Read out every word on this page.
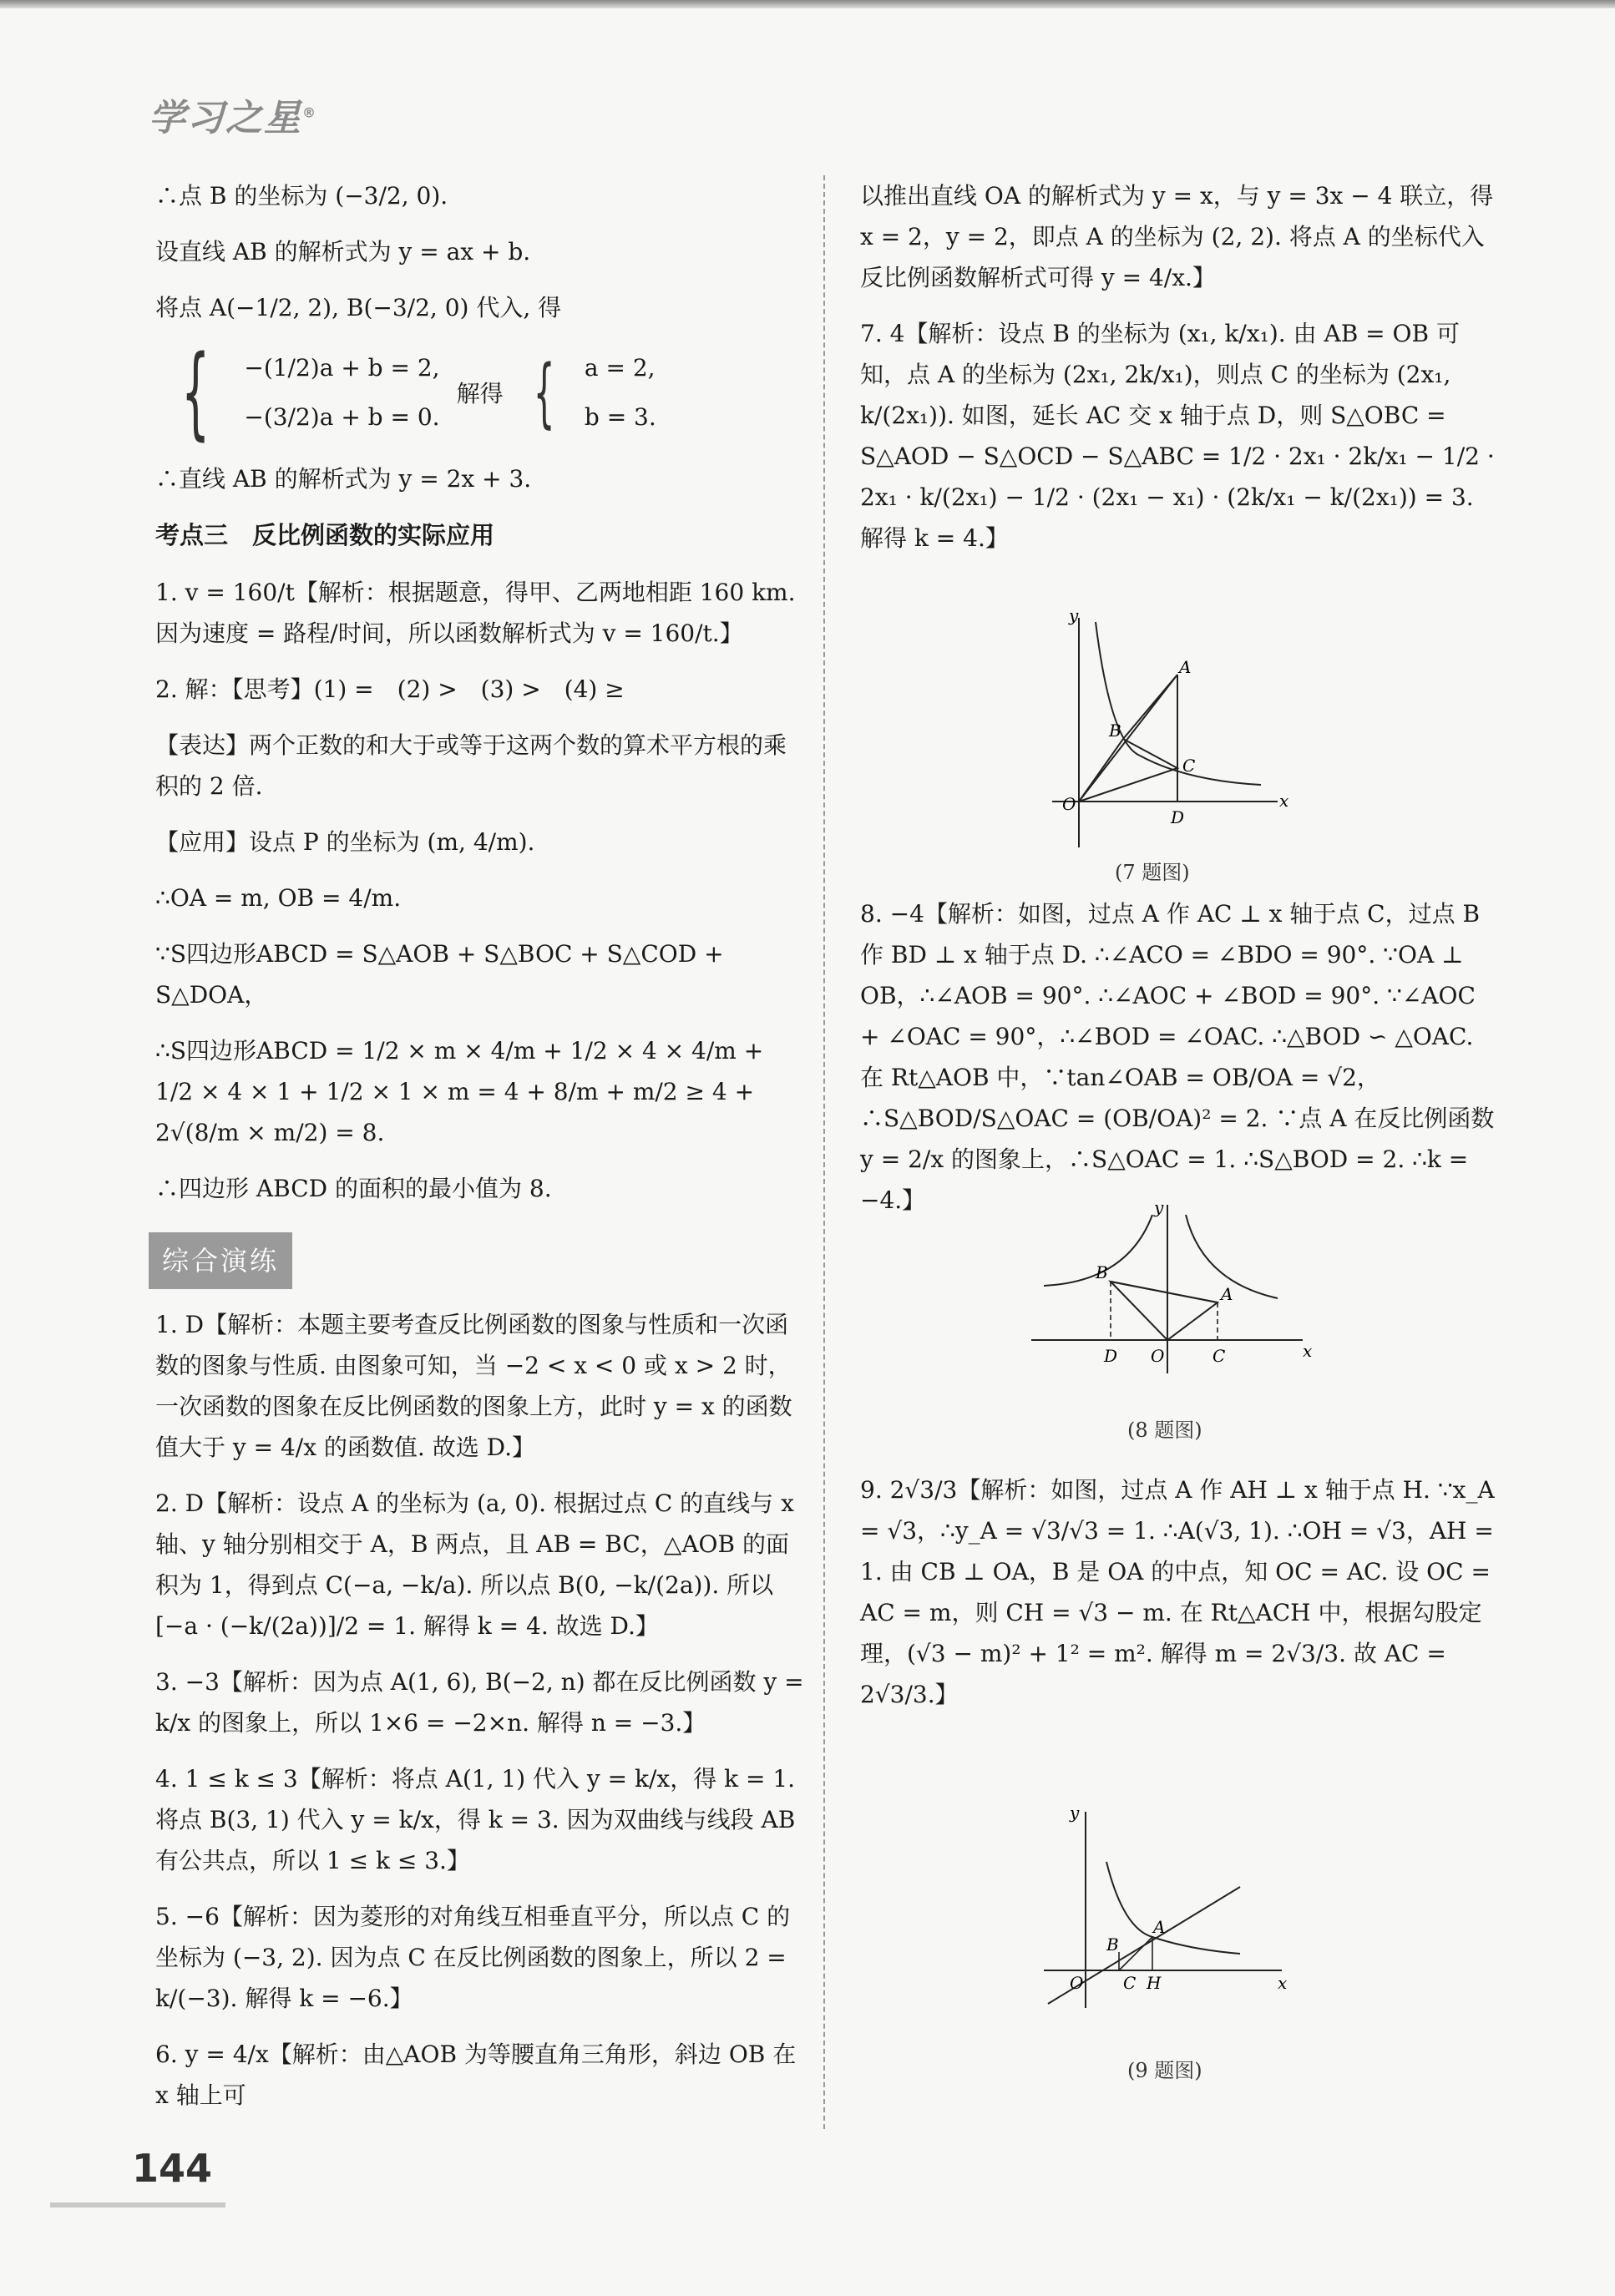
学习之星®

∴点 B 的坐标为 (−3/2, 0).

设直线 AB 的解析式为 y = ax + b.

将点 A(−1/2, 2), B(−3/2, 0) 代入, 得

{ −(1/2)a + b = 2,
−(3/2)a + b = 0.
解得 { a = 2,
b = 3.

∴直线 AB 的解析式为 y = 2x + 3.

考点三　反比例函数的实际应用

1. v = 160/t【解析：根据题意，得甲、乙两地相距 160 km. 因为速度 = 路程/时间，所以函数解析式为 v = 160/t.】

2. 解：【思考】(1) =　(2) >　(3) >　(4) ≥

【表达】两个正数的和大于或等于这两个数的算术平方根的乘积的 2 倍.

【应用】设点 P 的坐标为 (m, 4/m).

∴OA = m, OB = 4/m.

∵S四边形ABCD = S△AOB + S△BOC + S△COD + S△DOA，

∴S四边形ABCD = 1/2 × m × 4/m + 1/2 × 4 × 4/m + 1/2 × 4 × 1 + 1/2 × 1 × m = 4 + 8/m + m/2 ≥ 4 + 2√(8/m × m/2) = 8.

∴四边形 ABCD 的面积的最小值为 8.

综合演练

1. D【解析：本题主要考查反比例函数的图象与性质和一次函数的图象与性质. 由图象可知，当 −2 < x < 0 或 x > 2 时，一次函数的图象在反比例函数的图象上方，此时 y = x 的函数值大于 y = 4/x 的函数值. 故选 D.】

2. D【解析：设点 A 的坐标为 (a, 0). 根据过点 C 的直线与 x 轴、y 轴分别相交于 A，B 两点，且 AB = BC，△AOB 的面积为 1，得到点 C(−a, −k/a). 所以点 B(0, −k/(2a)). 所以 [−a · (−k/(2a))]/2 = 1. 解得 k = 4. 故选 D.】

3. −3【解析：因为点 A(1, 6), B(−2, n) 都在反比例函数 y = k/x 的图象上，所以 1×6 = −2×n. 解得 n = −3.】

4. 1 ≤ k ≤ 3【解析：将点 A(1, 1) 代入 y = k/x，得 k = 1. 将点 B(3, 1) 代入 y = k/x，得 k = 3. 因为双曲线与线段 AB 有公共点，所以 1 ≤ k ≤ 3.】

5. −6【解析：因为菱形的对角线互相垂直平分，所以点 C 的坐标为 (−3, 2). 因为点 C 在反比例函数的图象上，所以 2 = k/(−3). 解得 k = −6.】

6. y = 4/x【解析：由△AOB 为等腰直角三角形，斜边 OB 在 x 轴上可

以推出直线 OA 的解析式为 y = x，与 y = 3x − 4 联立，得 x = 2，y = 2，即点 A 的坐标为 (2, 2). 将点 A 的坐标代入反比例函数解析式可得 y = 4/x.】

7. 4【解析：设点 B 的坐标为 (x₁, k/x₁). 由 AB = OB 可知，点 A 的坐标为 (2x₁, 2k/x₁)，则点 C 的坐标为 (2x₁, k/(2x₁)). 如图，延长 AC 交 x 轴于点 D，则 S△OBC = S△AOD − S△OCD − S△ABC = 1/2 · 2x₁ · 2k/x₁ − 1/2 · 2x₁ · k/(2x₁) − 1/2 · (2x₁ − x₁) · (2k/x₁ − k/(2x₁)) = 3. 解得 k = 4.】

x
y
O
A
B
C
D
(7 题图)

8. −4【解析：如图，过点 A 作 AC ⊥ x 轴于点 C，过点 B 作 BD ⊥ x 轴于点 D. ∴∠ACO = ∠BDO = 90°. ∵OA ⊥ OB，∴∠AOB = 90°. ∴∠AOC + ∠BOD = 90°. ∵∠AOC + ∠OAC = 90°，∴∠BOD = ∠OAC. ∴△BOD ∽ △OAC. 在 Rt△AOB 中，∵tan∠OAB = OB/OA = √2，∴S△BOD/S△OAC = (OB/OA)² = 2. ∵点 A 在反比例函数 y = 2/x 的图象上，∴S△OAC = 1. ∴S△BOD = 2. ∴k = −4.】

x
y
B
A
D O	C
(8 题图)

9. 2√3/3【解析：如图，过点 A 作 AH ⊥ x 轴于点 H. ∵x_A = √3，∴y_A = √3/√3 = 1. ∴A(√3, 1). ∴OH = √3，AH = 1. 由 CB ⊥ OA，B 是 OA 的中点，知 OC = AC. 设 OC = AC = m，则 CH = √3 − m. 在 Rt△ACH 中，根据勾股定理，(√3 − m)² + 1² = m². 解得 m = 2√3/3. 故 AC = 2√3/3.】

x
y
O
A
B
C H
(9 题图)
144
